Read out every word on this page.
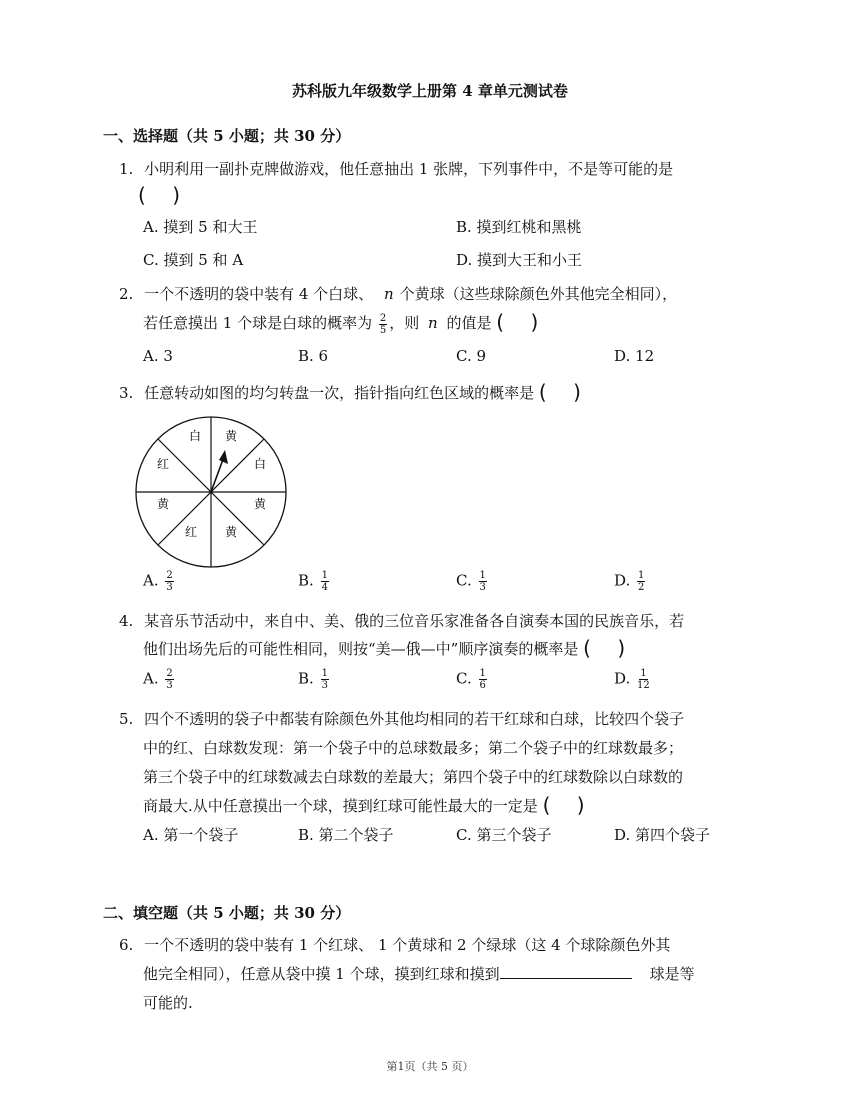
苏科版九年级数学上册第 4 章单元测试卷
一、选择题（共 5 小题；共 30 分）
1. 小明利用一副扑克牌做游戏，他任意抽出 1 张牌，下列事件中，不是等可能的是
( )
A. 摸到 5 和大王	B. 摸到红桃和黑桃
C. 摸到 5 和 A	D. 摸到大王和小王
2. 一个不透明的袋中装有 4 个白球、 n 个黄球（这些球除颜色外其他完全相同），
若任意摸出 1 个球是白球的概率为 $\frac{2}{5}$ ，则 n 的值是 ( )
A. 3	B. 6	C. 9	D. 12
3. 任意转动如图的均匀转盘一次，指针指向红色区域的概率是 ( )
黄
白
黄
黄
红
黄
红
白
A. $\frac{2}{3}$	B. $\frac{1}{4}$	C. $\frac{1}{3}$	D. $\frac{1}{2}$
4. 某音乐节活动中，来自中、美、俄的三位音乐家准备各自演奏本国的民族音乐，若
他们出场先后的可能性相同，则按“美—俄—中”顺序演奏的概率是 ( )
A. $\frac{2}{3}$	B. $\frac{1}{3}$	C. $\frac{1}{6}$	D. $\frac{1}{12}$
5. 四个不透明的袋子中都装有除颜色外其他均相同的若干红球和白球，比较四个袋子
中的红、白球数发现：第一个袋子中的总球数最多；第二个袋子中的红球数最多；
第三个袋子中的红球数减去白球数的差最大；第四个袋子中的红球数除以白球数的
商最大.从中任意摸出一个球，摸到红球可能性最大的一定是 ( )
A. 第一个袋子	B. 第二个袋子	C. 第三个袋子	D. 第四个袋子
二、填空题（共 5 小题；共 30 分）
6. 一个不透明的袋中装有 1 个红球、 1 个黄球和 2 个绿球（这 4 个球除颜色外其
他完全相同），任意从袋中摸 1 个球，摸到红球和摸到	球是等
可能的.
第1页（共 5 页）
